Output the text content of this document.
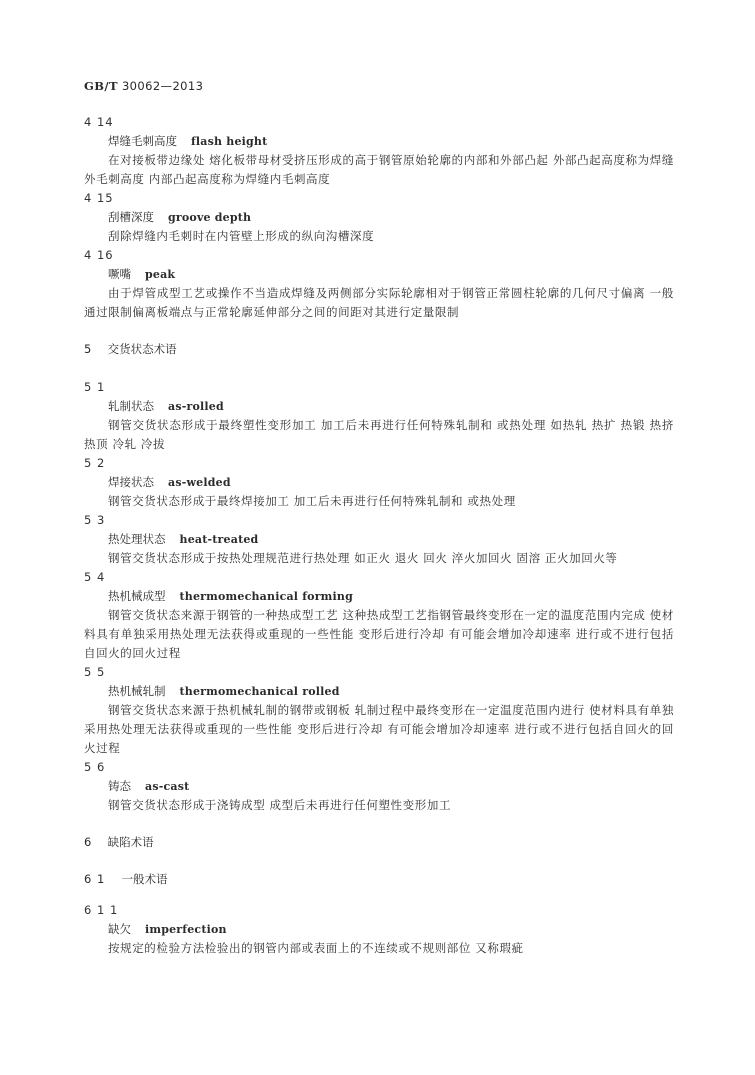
GB/T 30062—2013
4 14
焊缝毛刺高度 flash height
在对接板带边缘处 熔化板带母材受挤压形成的高于钢管原始轮廓的内部和外部凸起 外部凸起高度称为焊缝外毛刺高度 内部凸起高度称为焊缝内毛刺高度
4 15
刮槽深度 groove depth
刮除焊缝内毛刺时在内管壁上形成的纵向沟槽深度
4 16
噘嘴 peak
由于焊管成型工艺或操作不当造成焊缝及两侧部分实际轮廓相对于钢管正常圆柱轮廓的几何尺寸偏离 一般通过限制偏离板端点与正常轮廓延伸部分之间的间距对其进行定量限制
5 交货状态术语
5 1
轧制状态 as-rolled
钢管交货状态形成于最终塑性变形加工 加工后未再进行任何特殊轧制和 或热处理 如热轧 热扩 热锻 热挤 热顶 冷轧 冷拔
5 2
焊接状态 as-welded
钢管交货状态形成于最终焊接加工 加工后未再进行任何特殊轧制和 或热处理
5 3
热处理状态 heat-treated
钢管交货状态形成于按热处理规范进行热处理 如正火 退火 回火 淬火加回火 固溶 正火加回火等
5 4
热机械成型 thermomechanical forming
钢管交货状态来源于钢管的一种热成型工艺 这种热成型工艺指钢管最终变形在一定的温度范围内完成 使材料具有单独采用热处理无法获得或重现的一些性能 变形后进行冷却 有可能会增加冷却速率 进行或不进行包括自回火的回火过程
5 5
热机械轧制 thermomechanical rolled
钢管交货状态来源于热机械轧制的钢带或钢板 轧制过程中最终变形在一定温度范围内进行 使材料具有单独采用热处理无法获得或重现的一些性能 变形后进行冷却 有可能会增加冷却速率 进行或不进行包括自回火的回火过程
5 6
铸态 as-cast
钢管交货状态形成于浇铸成型 成型后未再进行任何塑性变形加工
6 缺陷术语
6 1 一般术语
6 1 1
缺欠 imperfection
按规定的检验方法检验出的钢管内部或表面上的不连续或不规则部位 又称瑕疵
